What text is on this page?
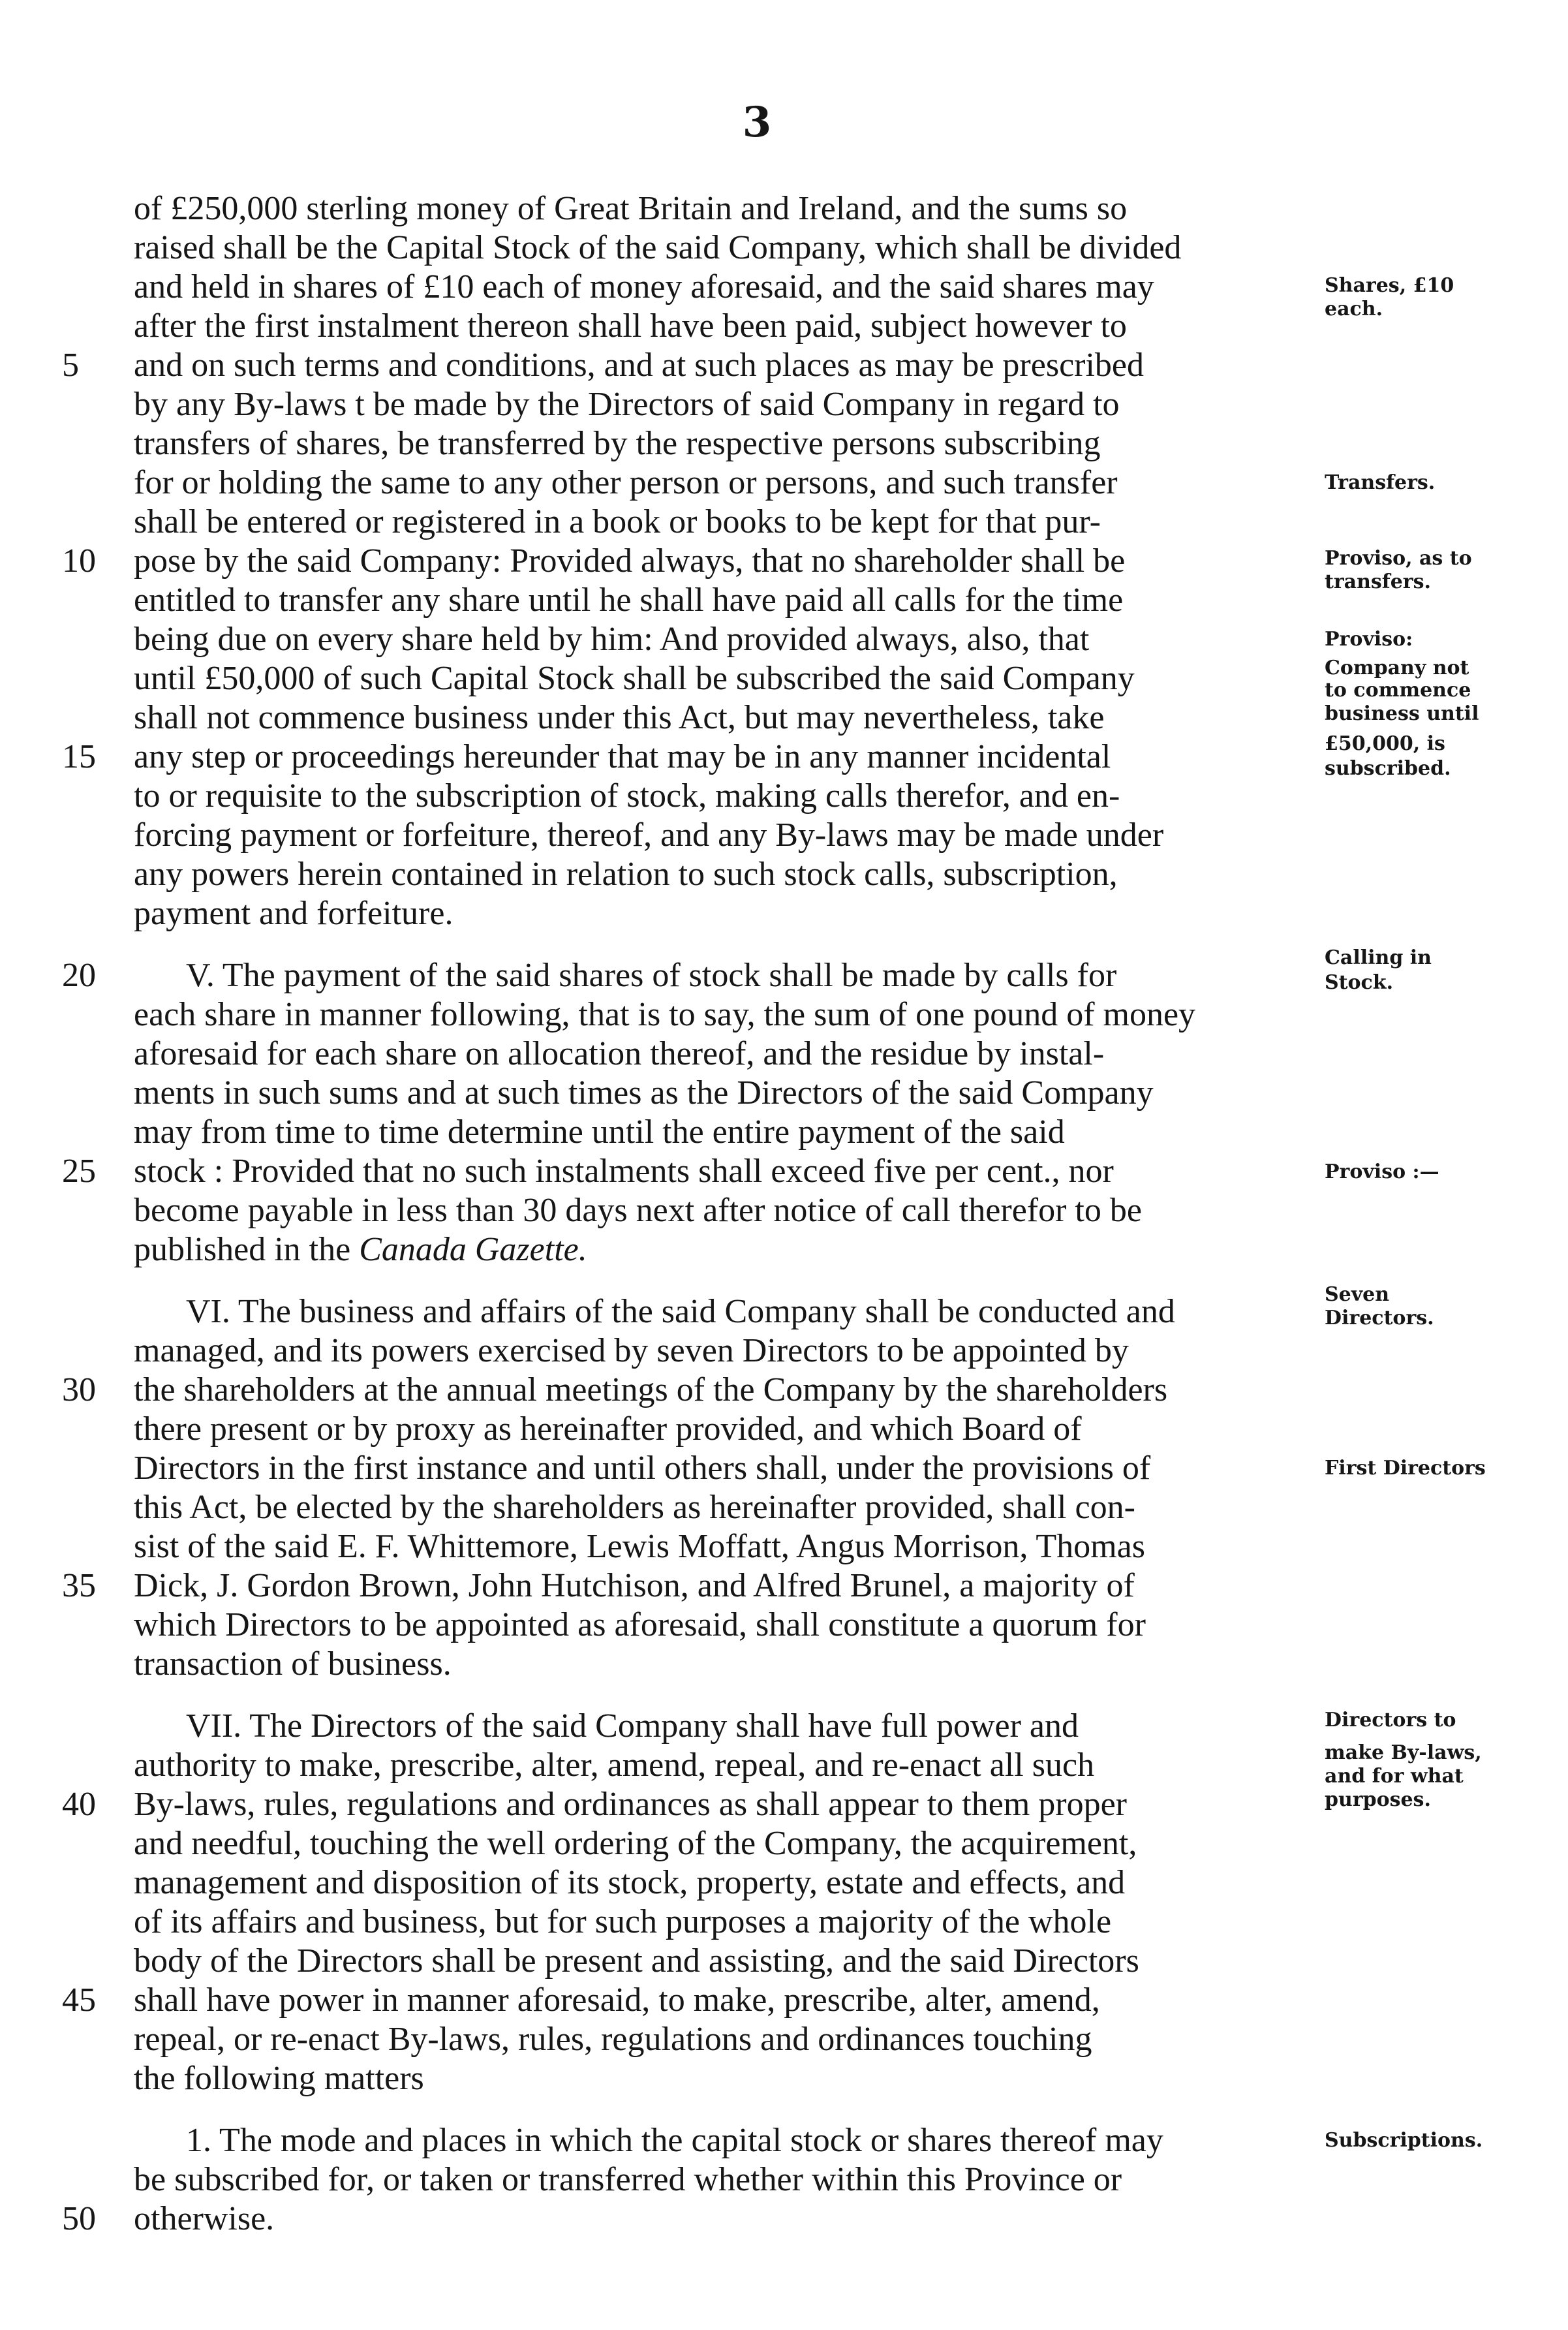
3
of £250,000 sterling money of Great Britain and Ireland, and the sums so
raised shall be the Capital Stock of the said Company, which shall be divided
and held in shares of £10 each of money aforesaid, and the said shares may
after the first instalment thereon shall have been paid, subject however to
and on such terms and conditions, and at such places as may be prescribed
by any By-laws t be made by the Directors of said Company in regard to
transfers of shares, be transferred by the respective persons subscribing
for or holding the same to any other person or persons, and such transfer
shall be entered or registered in a book or books to be kept for that pur-
pose by the said Company: Provided always, that no shareholder shall be
entitled to transfer any share until he shall have paid all calls for the time
being due on every share held by him: And provided always, also, that
until £50,000 of such Capital Stock shall be subscribed the said Company
shall not commence business under this Act, but may nevertheless, take
any step or proceedings hereunder that may be in any manner incidental
to or requisite to the subscription of stock, making calls therefor, and en-
forcing payment or forfeiture, thereof, and any By-laws may be made under
any powers herein contained in relation to such stock calls, subscription,
payment and forfeiture.
V. The payment of the said shares of stock shall be made by calls for
each share in manner following, that is to say, the sum of one pound of money
aforesaid for each share on allocation thereof, and the residue by instal-
ments in such sums and at such times as the Directors of the said Company
may from time to time determine until the entire payment of the said
stock : Provided that no such instalments shall exceed five per cent., nor
become payable in less than 30 days next after notice of call therefor to be
published in the Canada Gazette.
VI. The business and affairs of the said Company shall be conducted and
managed, and its powers exercised by seven Directors to be appointed by
the shareholders at the annual meetings of the Company by the shareholders
there present or by proxy as hereinafter provided, and which Board of
Directors in the first instance and until others shall, under the provisions of
this Act, be elected by the shareholders as hereinafter provided, shall con-
sist of the said E. F. Whittemore, Lewis Moffatt, Angus Morrison, Thomas
Dick, J. Gordon Brown, John Hutchison, and Alfred Brunel, a majority of
which Directors to be appointed as aforesaid, shall constitute a quorum for
transaction of business.
VII. The Directors of the said Company shall have full power and
authority to make, prescribe, alter, amend, repeal, and re-enact all such
By-laws, rules, regulations and ordinances as shall appear to them proper
and needful, touching the well ordering of the Company, the acquirement,
management and disposition of its stock, property, estate and effects, and
of its affairs and business, but for such purposes a majority of the whole
body of the Directors shall be present and assisting, and the said Directors
shall have power in manner aforesaid, to make, prescribe, alter, amend,
repeal, or re-enact By-laws, rules, regulations and ordinances touching
the following matters
1. The mode and places in which the capital stock or shares thereof may
be subscribed for, or taken or transferred whether within this Province or
otherwise.
5
10
15
20
25
30
35
40
45
50
Shares, £10
each.
Transfers.
Proviso, as to
transfers.
Proviso:
Company not
to commence
business until
£50,000, is
subscribed.
Calling in
Stock.
Proviso :—
Seven
Directors.
First Directors
Directors to
make By-laws,
and for what
purposes.
Subscriptions.
